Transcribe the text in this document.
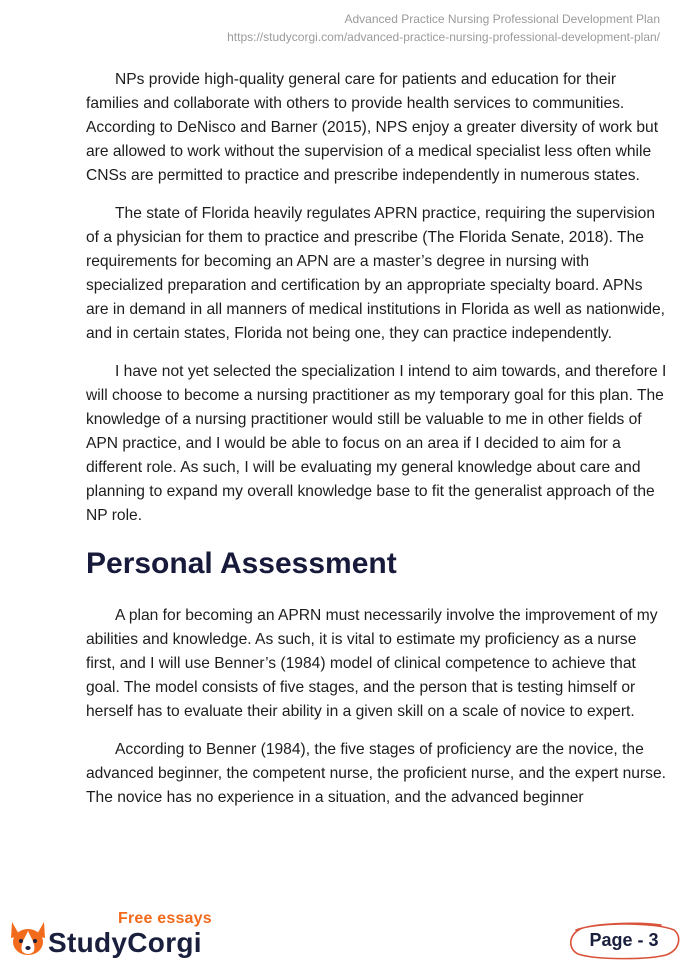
Advanced Practice Nursing Professional Development Plan
https://studycorgi.com/advanced-practice-nursing-professional-development-plan/

NPs provide high-quality general care for patients and education for their families and collaborate with others to provide health services to communities. According to DeNisco and Barner (2015), NPS enjoy a greater diversity of work but are allowed to work without the supervision of a medical specialist less often while CNSs are permitted to practice and prescribe independently in numerous states.

The state of Florida heavily regulates APRN practice, requiring the supervision of a physician for them to practice and prescribe (The Florida Senate, 2018). The requirements for becoming an APN are a master’s degree in nursing with specialized preparation and certification by an appropriate specialty board. APNs are in demand in all manners of medical institutions in Florida as well as nationwide, and in certain states, Florida not being one, they can practice independently.

I have not yet selected the specialization I intend to aim towards, and therefore I will choose to become a nursing practitioner as my temporary goal for this plan. The knowledge of a nursing practitioner would still be valuable to me in other fields of APN practice, and I would be able to focus on an area if I decided to aim for a different role. As such, I will be evaluating my general knowledge about care and planning to expand my overall knowledge base to fit the generalist approach of the NP role.

Personal Assessment

A plan for becoming an APRN must necessarily involve the improvement of my abilities and knowledge. As such, it is vital to estimate my proficiency as a nurse first, and I will use Benner’s (1984) model of clinical competence to achieve that goal. The model consists of five stages, and the person that is testing himself or herself has to evaluate their ability in a given skill on a scale of novice to expert.

According to Benner (1984), the five stages of proficiency are the novice, the advanced beginner, the competent nurse, the proficient nurse, and the expert nurse. The novice has no experience in a situation, and the advanced beginner

Free essays
StudyCorgi	Page - 3
